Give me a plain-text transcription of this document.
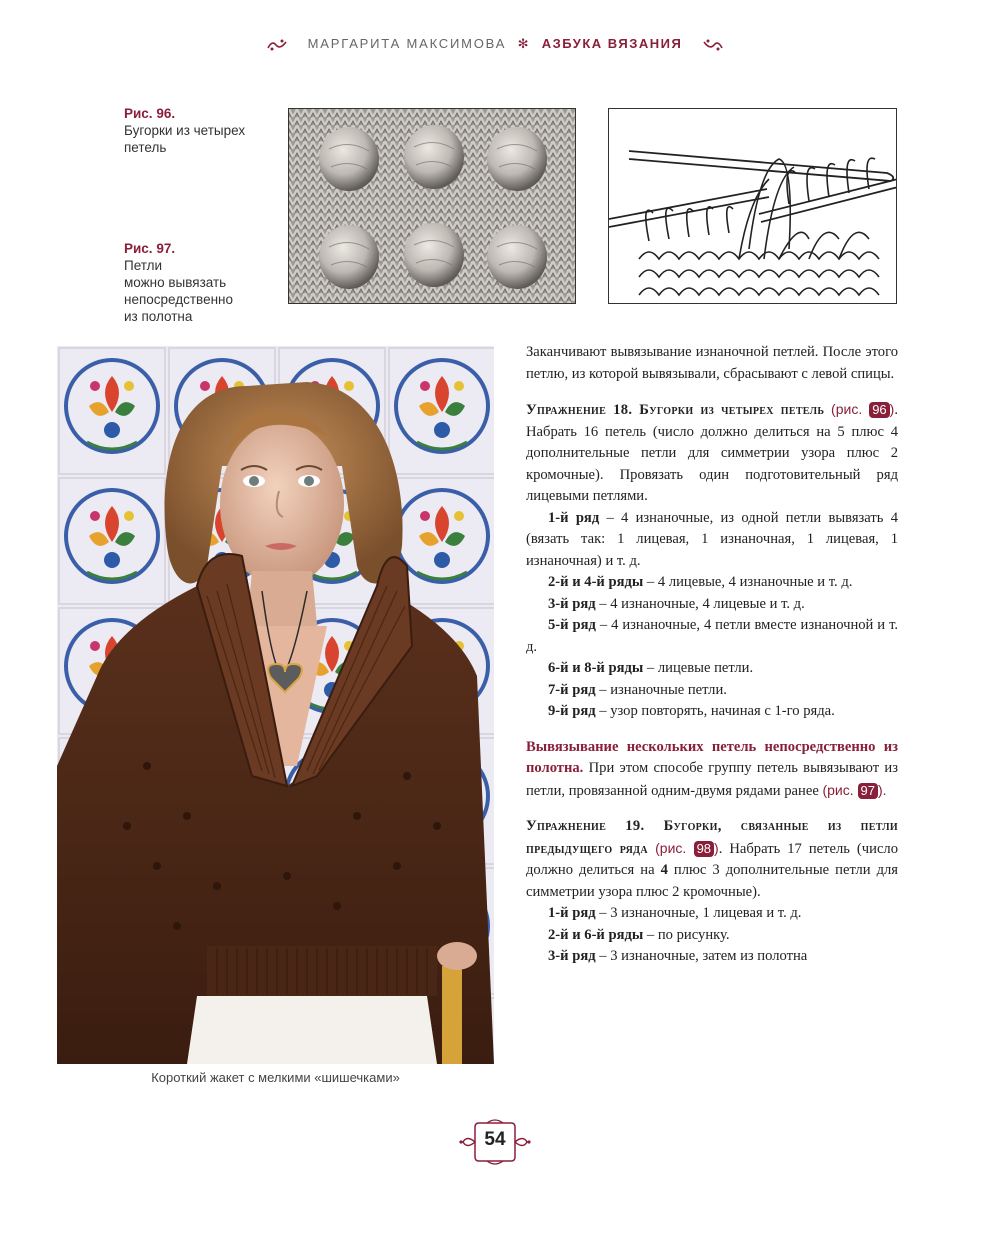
МАРГАРИТА МАКСИМОВА ✻ АЗБУКА ВЯЗАНИЯ
Рис. 96.
Бугорки из четырех
петель
Рис. 97.
Петли
можно вывязать
непосредственно
из полотна
Короткий жакет с мелкими «шишечками»

Заканчивают вывязывание изнаночной петлей. После этого петлю, из которой вывязывали, сбрасывают с левой спицы.

Упражнение 18. Бугорки из четырех петель (рис. 96 ). Набрать 16 петель (число должно делиться на 5 плюс 4 дополнительные петли для симметрии узора плюс 2 кромочные). Провязать один подготовительный ряд лицевыми петлями.

1-й ряд – 4 изнаночные, из одной петли вывязать 4 (вязать так: 1 лицевая, 1 изнаночная, 1 лицевая, 1 изнаночная) и т. д.

2-й и 4-й ряды – 4 лицевые, 4 изнаночные и т. д.

3-й ряд – 4 изнаночные, 4 лицевые и т. д.

5-й ряд – 4 изнаночные, 4 петли вместе изнаночной и т. д.

6-й и 8-й ряды – лицевые петли.

7-й ряд – изнаночные петли.

9-й ряд – узор повторять, начиная с 1-го ряда.

Вывязывание нескольких петель непосредственно из полотна. При этом способе группу петель вывязывают из петли, провязанной одним-двумя рядами ранее (рис. 97 ).

Упражнение 19. Бугорки, связанные из петли предыдущего ряда (рис. 98 ). Набрать 17 петель (число должно делиться на 4 плюс 3 дополнительные петли для симметрии узора плюс 2 кромочные).

1-й ряд – 3 изнаночные, 1 лицевая и т. д.

2-й и 6-й ряды – по рисунку.

3-й ряд – 3 изнаночные, затем из полотна

54
